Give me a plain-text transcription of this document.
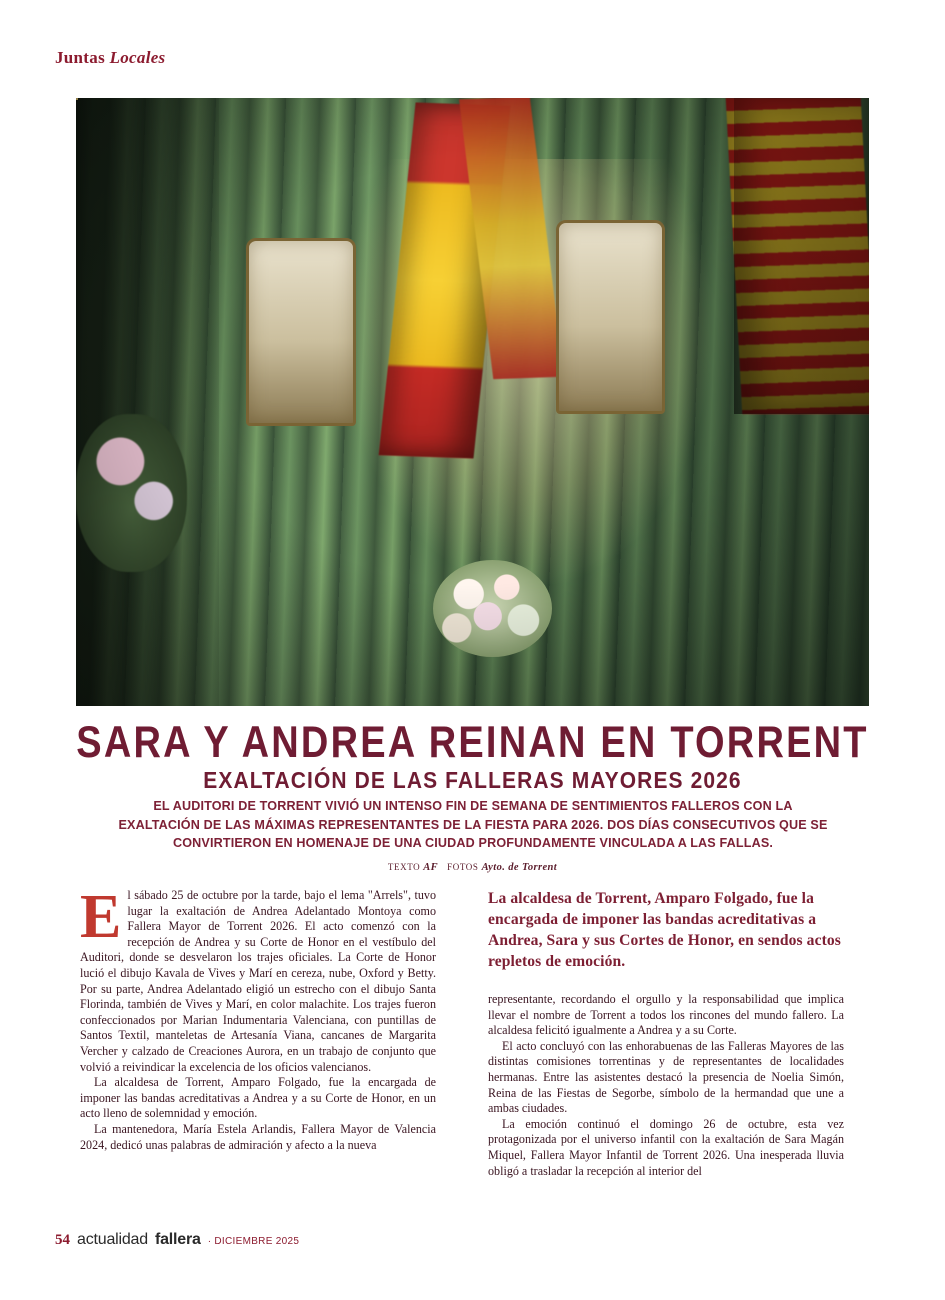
Juntas Locales
SARA Y ANDREA REINAN EN TORRENT
EXALTACIÓN DE LAS FALLERAS MAYORES 2026
EL AUDITORI DE TORRENT VIVIÓ UN INTENSO FIN DE SEMANA DE SENTIMIENTOS FALLEROS CON LA EXALTACIÓN DE LAS MÁXIMAS REPRESENTANTES DE LA FIESTA PARA 2026. DOS DÍAS CONSECUTIVOS QUE SE CONVIRTIERON EN HOMENAJE DE UNA CIUDAD PROFUNDAMENTE VINCULADA A LAS FALLAS.
TEXTO AF FOTOS Ayto. de Torrent

El sábado 25 de octubre por la tarde, bajo el lema "Arrels", tuvo lugar la exaltación de Andrea Adelantado Montoya como Fallera Mayor de Torrent 2026. El acto comenzó con la recepción de Andrea y su Corte de Honor en el vestíbulo del Auditori, donde se desvelaron los trajes oficiales. La Corte de Honor lució el dibujo Kavala de Vives y Marí en cereza, nube, Oxford y Betty. Por su parte, Andrea Adelantado eligió un estrecho con el dibujo Santa Florinda, también de Vives y Marí, en color malachite. Los trajes fueron confeccionados por Marian Indumentaria Valenciana, con puntillas de Santos Textil, manteletas de Artesanía Viana, cancanes de Margarita Vercher y calzado de Creaciones Aurora, en un trabajo de conjunto que volvió a reivindicar la excelencia de los oficios valencianos.

La alcaldesa de Torrent, Amparo Folgado, fue la encargada de imponer las bandas acreditativas a Andrea y a su Corte de Honor, en un acto lleno de solemnidad y emoción.

La mantenedora, María Estela Arlandis, Fallera Mayor de Valencia 2024, dedicó unas palabras de admiración y afecto a la nueva

La alcaldesa de Torrent, Amparo Folgado, fue la encargada de imponer las bandas acreditativas a Andrea, Sara y sus Cortes de Honor, en sendos actos repletos de emoción.

representante, recordando el orgullo y la responsabilidad que implica llevar el nombre de Torrent a todos los rincones del mundo fallero. La alcaldesa felicitó igualmente a Andrea y a su Corte.

El acto concluyó con las enhorabuenas de las Falleras Mayores de las distintas comisiones torrentinas y de representantes de localidades hermanas. Entre las asistentes destacó la presencia de Noelia Simón, Reina de las Fiestas de Segorbe, símbolo de la hermandad que une a ambas ciudades.

La emoción continuó el domingo 26 de octubre, esta vez protagonizada por el universo infantil con la exaltación de Sara Magán Miquel, Fallera Mayor Infantil de Torrent 2026. Una inesperada lluvia obligó a trasladar la recepción al interior del

54 actualidad fallera · DICIEMBRE 2025
